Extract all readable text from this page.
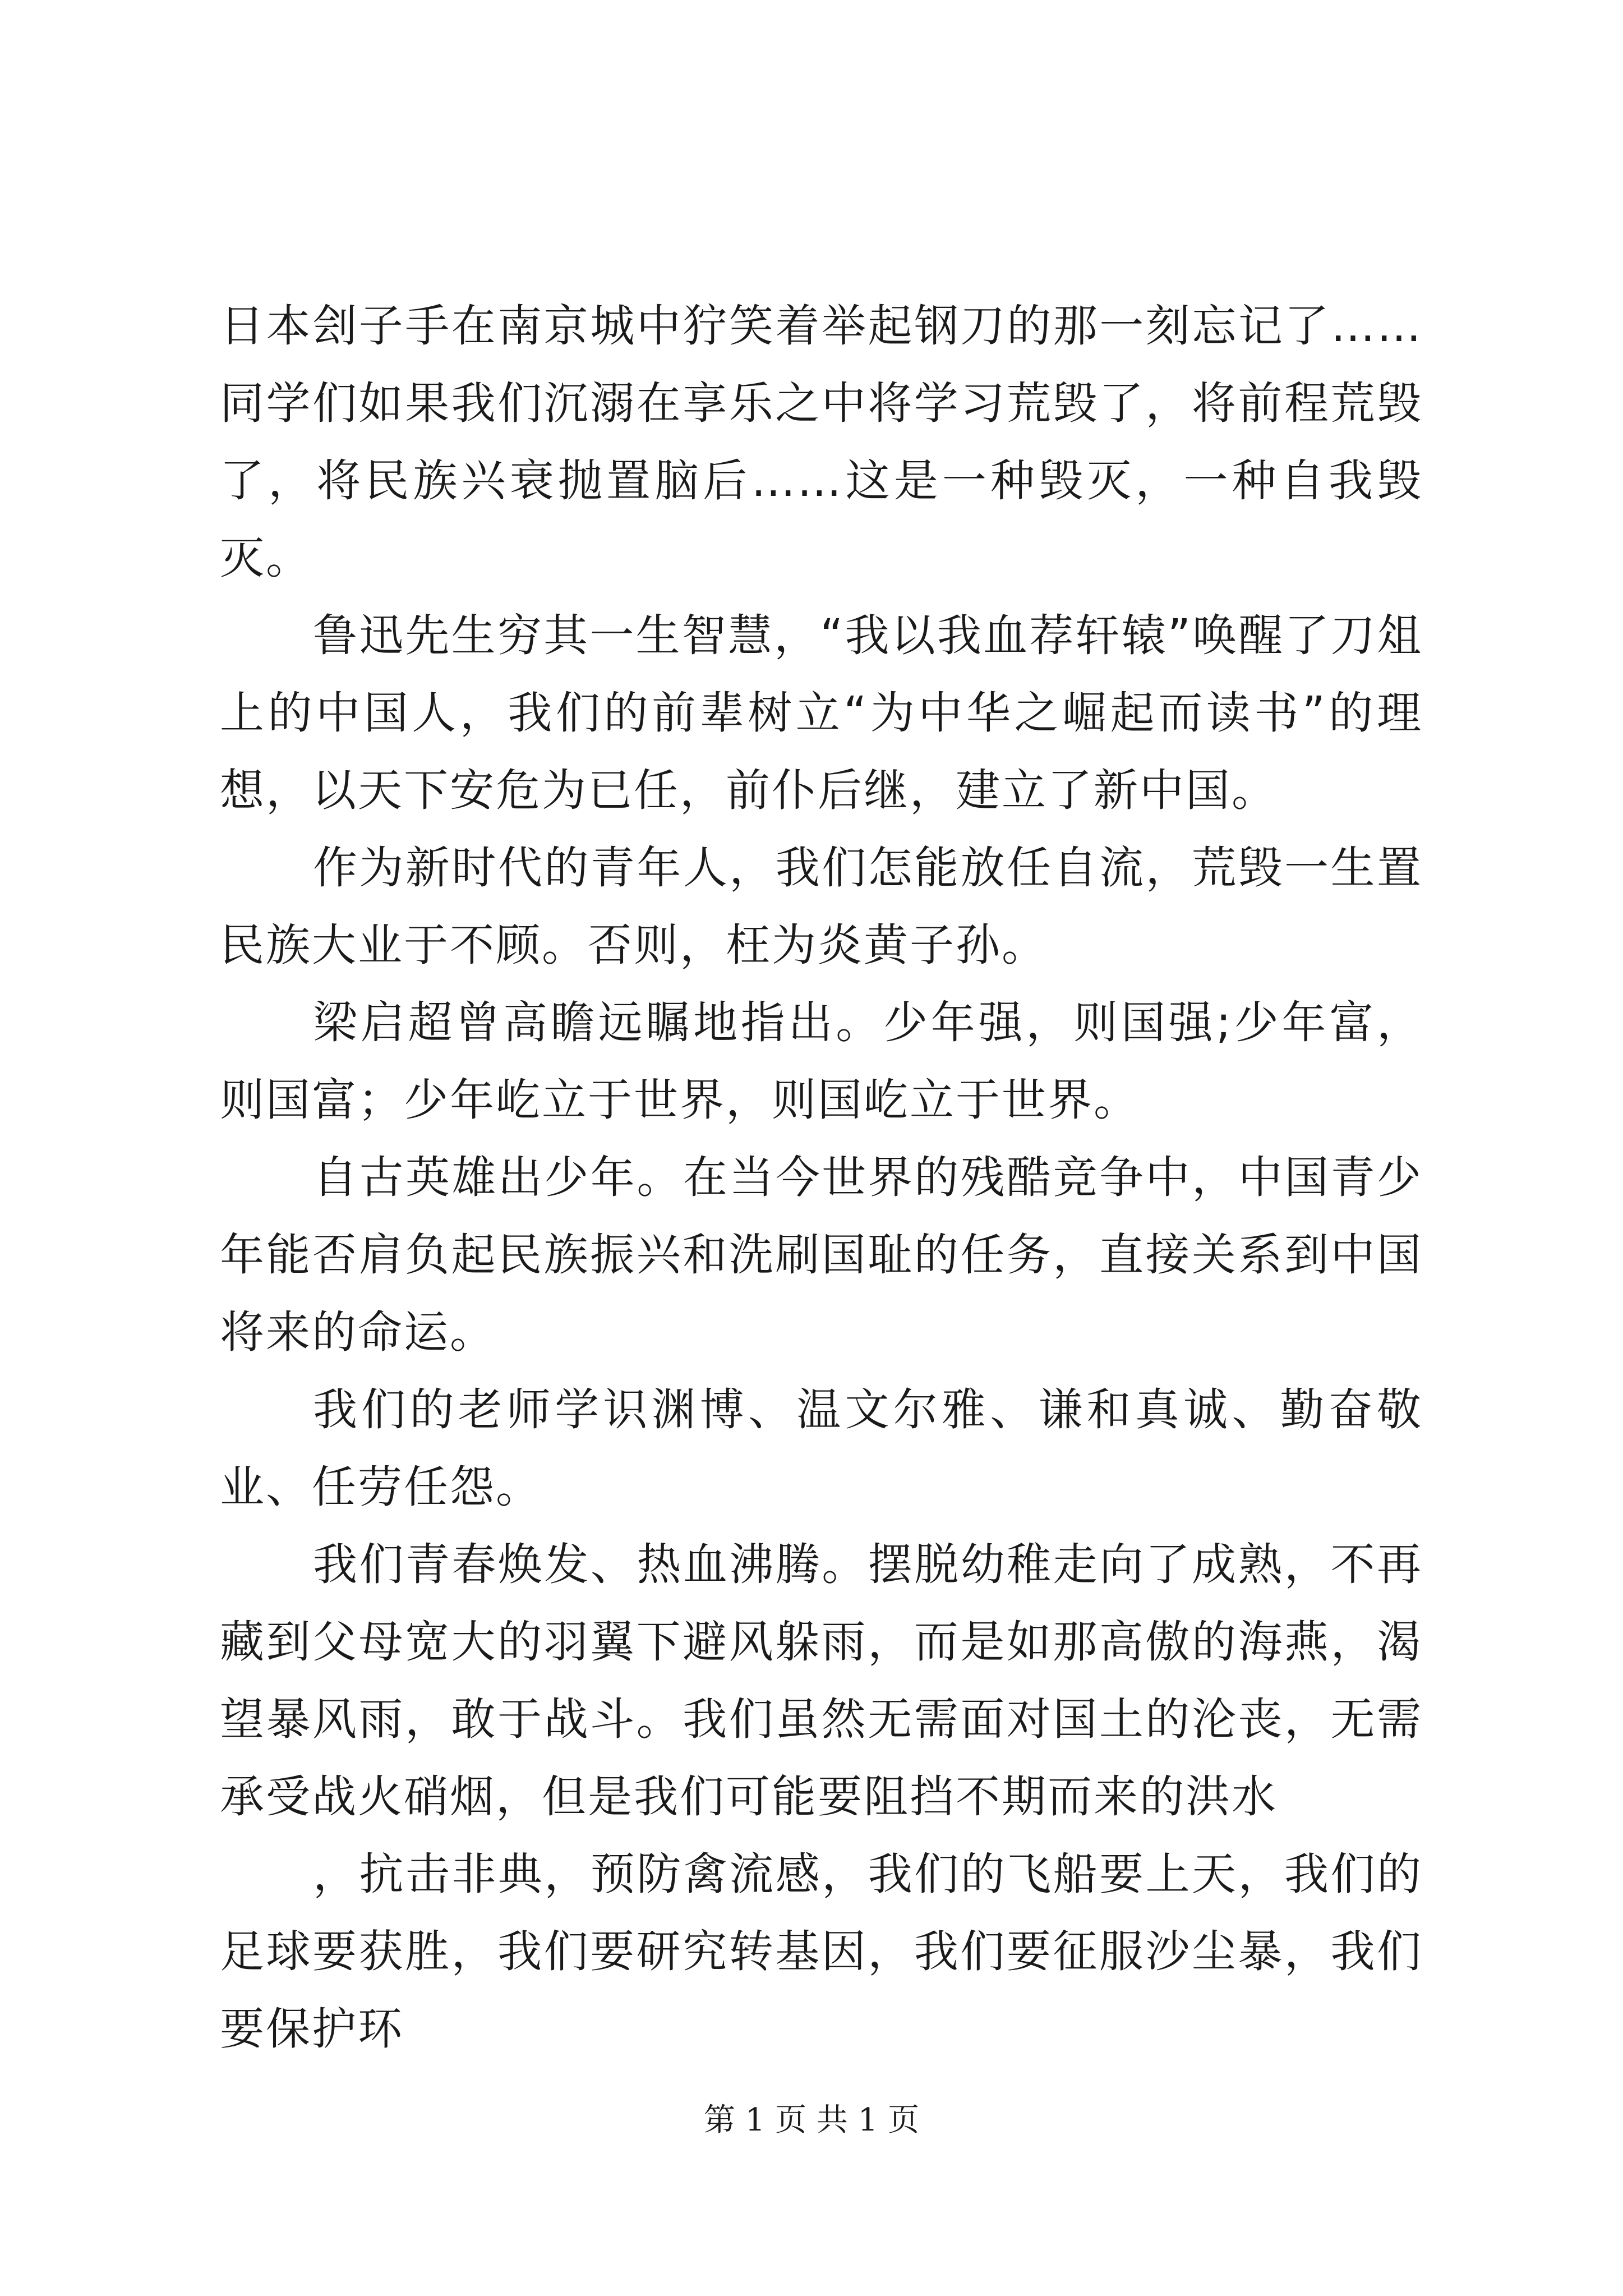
日本刽子手在南京城中狞笑着举起钢刀的那一刻忘记了……同学们如果我们沉溺在享乐之中将学习荒毁了，将前程荒毁了，将民族兴衰抛置脑后……这是一种毁灭，一种自我毁灭。

鲁迅先生穷其一生智慧，“我以我血荐轩辕”唤醒了刀俎上的中国人，我们的前辈树立“为中华之崛起而读书”的理想，以天下安危为已任，前仆后继，建立了新中国。

作为新时代的青年人，我们怎能放任自流，荒毁一生置民族大业于不顾。否则，枉为炎黄子孙。

梁启超曾高瞻远瞩地指出。少年强，则国强;少年富，则国富；少年屹立于世界，则国屹立于世界。

自古英雄出少年。在当今世界的残酷竞争中，中国青少年能否肩负起民族振兴和洗刷国耻的任务，直接关系到中国将来的命运。

我们的老师学识渊博、温文尔雅、谦和真诚、勤奋敬业、任劳任怨。

我们青春焕发、热血沸腾。摆脱幼稚走向了成熟，不再藏到父母宽大的羽翼下避风躲雨，而是如那高傲的海燕，渴望暴风雨，敢于战斗。我们虽然无需面对国土的沦丧，无需承受战火硝烟，但是我们可能要阻挡不期而来的洪水

，抗击非典，预防禽流感，我们的飞船要上天，我们的足球要获胜，我们要研究转基因，我们要征服沙尘暴，我们要保护环

第 1 页 共 1 页
